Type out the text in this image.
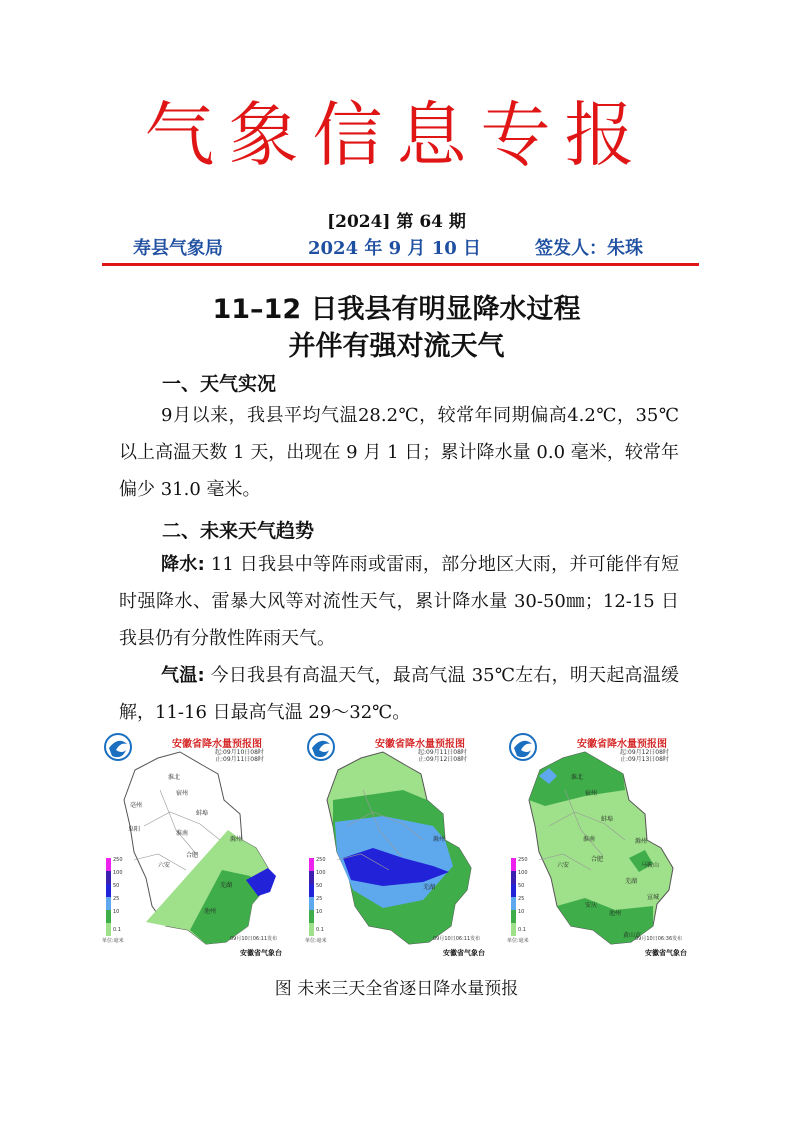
气象信息专报
[2024] 第 64 期
寿县气象局	2024 年 9 月 10 日	签发人：朱珠
11–12 日我县有明显降水过程
并伴有强对流天气
一、天气实况
9月以来，我县平均气温28.2℃，较常年同期偏高4.2℃，35℃以上高温天数 1 天，出现在 9 月 1 日；累计降水量 0.0 毫米，较常年偏少 31.0 毫米。
二、未来天气趋势
降水: 11 日我县中等阵雨或雷雨，部分地区大雨，并可能伴有短时强降水、雷暴大风等对流性天气，累计降水量 30-50㎜；12-15 日我县仍有分散性阵雨天气。
气温: 今日我县有高温天气，最高气温 35℃左右，明天起高温缓解，11-16 日最高气温 29～32℃。
安徽省降水量预报图
起:09月10日08时
止:09月11日08时
淮北
宿州
亳州
蚌埠
阜阳
淮南
滁州
合肥
六安
芜湖
池州
250
100
50
25
10
0.1
单位:毫米	09月10日06:11发布
安徽省气象台
安徽省降水量预报图
起:09月11日08时
止:09月12日08时
滁州
芜湖
250
100
50
25
10
0.1
单位:毫米	09月10日06:11发布
安徽省气象台
安徽省降水量预报图
起:09月12日08时
止:09月13日08时
淮北
宿州
蚌埠
淮南	滁州
合肥
六安	马鞍山
芜湖
宣城
安庆
池州
黄山市
250
100
50
25
10
0.1
单位:毫米	09月10日06:36发布
安徽省气象台
图 未来三天全省逐日降水量预报
